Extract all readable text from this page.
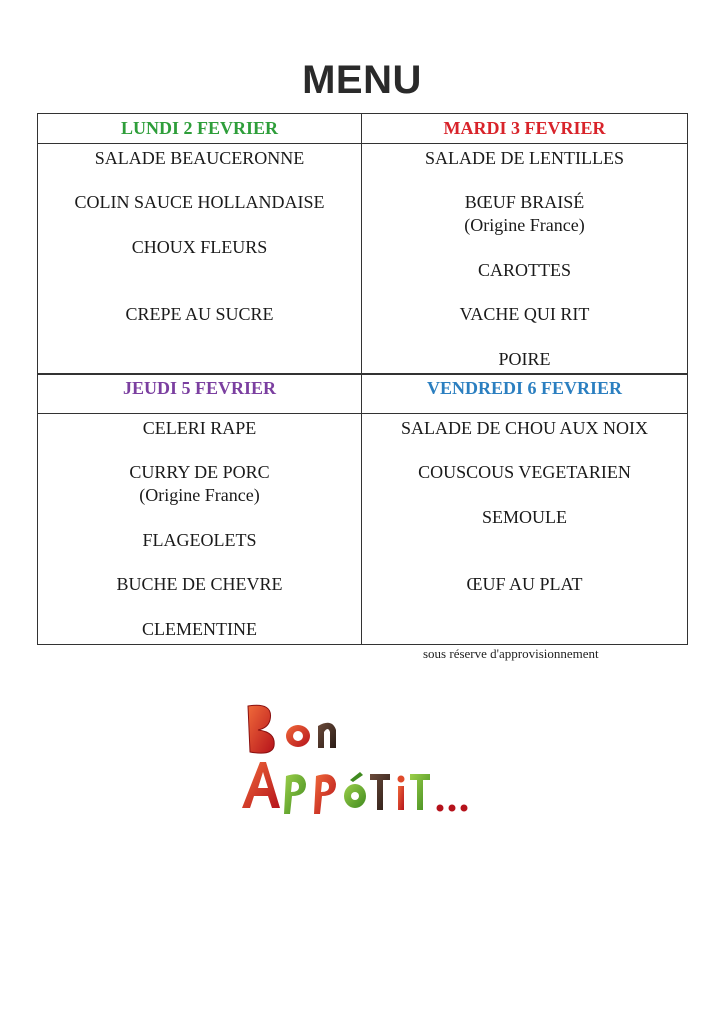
MENU
LUNDI 2 FEVRIER
SALADE BEAUCERONNE
COLIN SAUCE HOLLANDAISE
CHOUX FLEURS
CREPE AU SUCRE
MARDI 3 FEVRIER
SALADE DE LENTILLES
BŒUF BRAISÉ
(Origine France)
CAROTTES
VACHE QUI RIT
POIRE
JEUDI 5 FEVRIER
CELERI RAPE
CURRY DE PORC
(Origine France)
FLAGEOLETS
BUCHE DE CHEVRE
CLEMENTINE
VENDREDI 6 FEVRIER
SALADE DE CHOU AUX NOIX
COUSCOUS VEGETARIEN
SEMOULE
ŒUF AU PLAT
sous réserve d'approvisionnement
